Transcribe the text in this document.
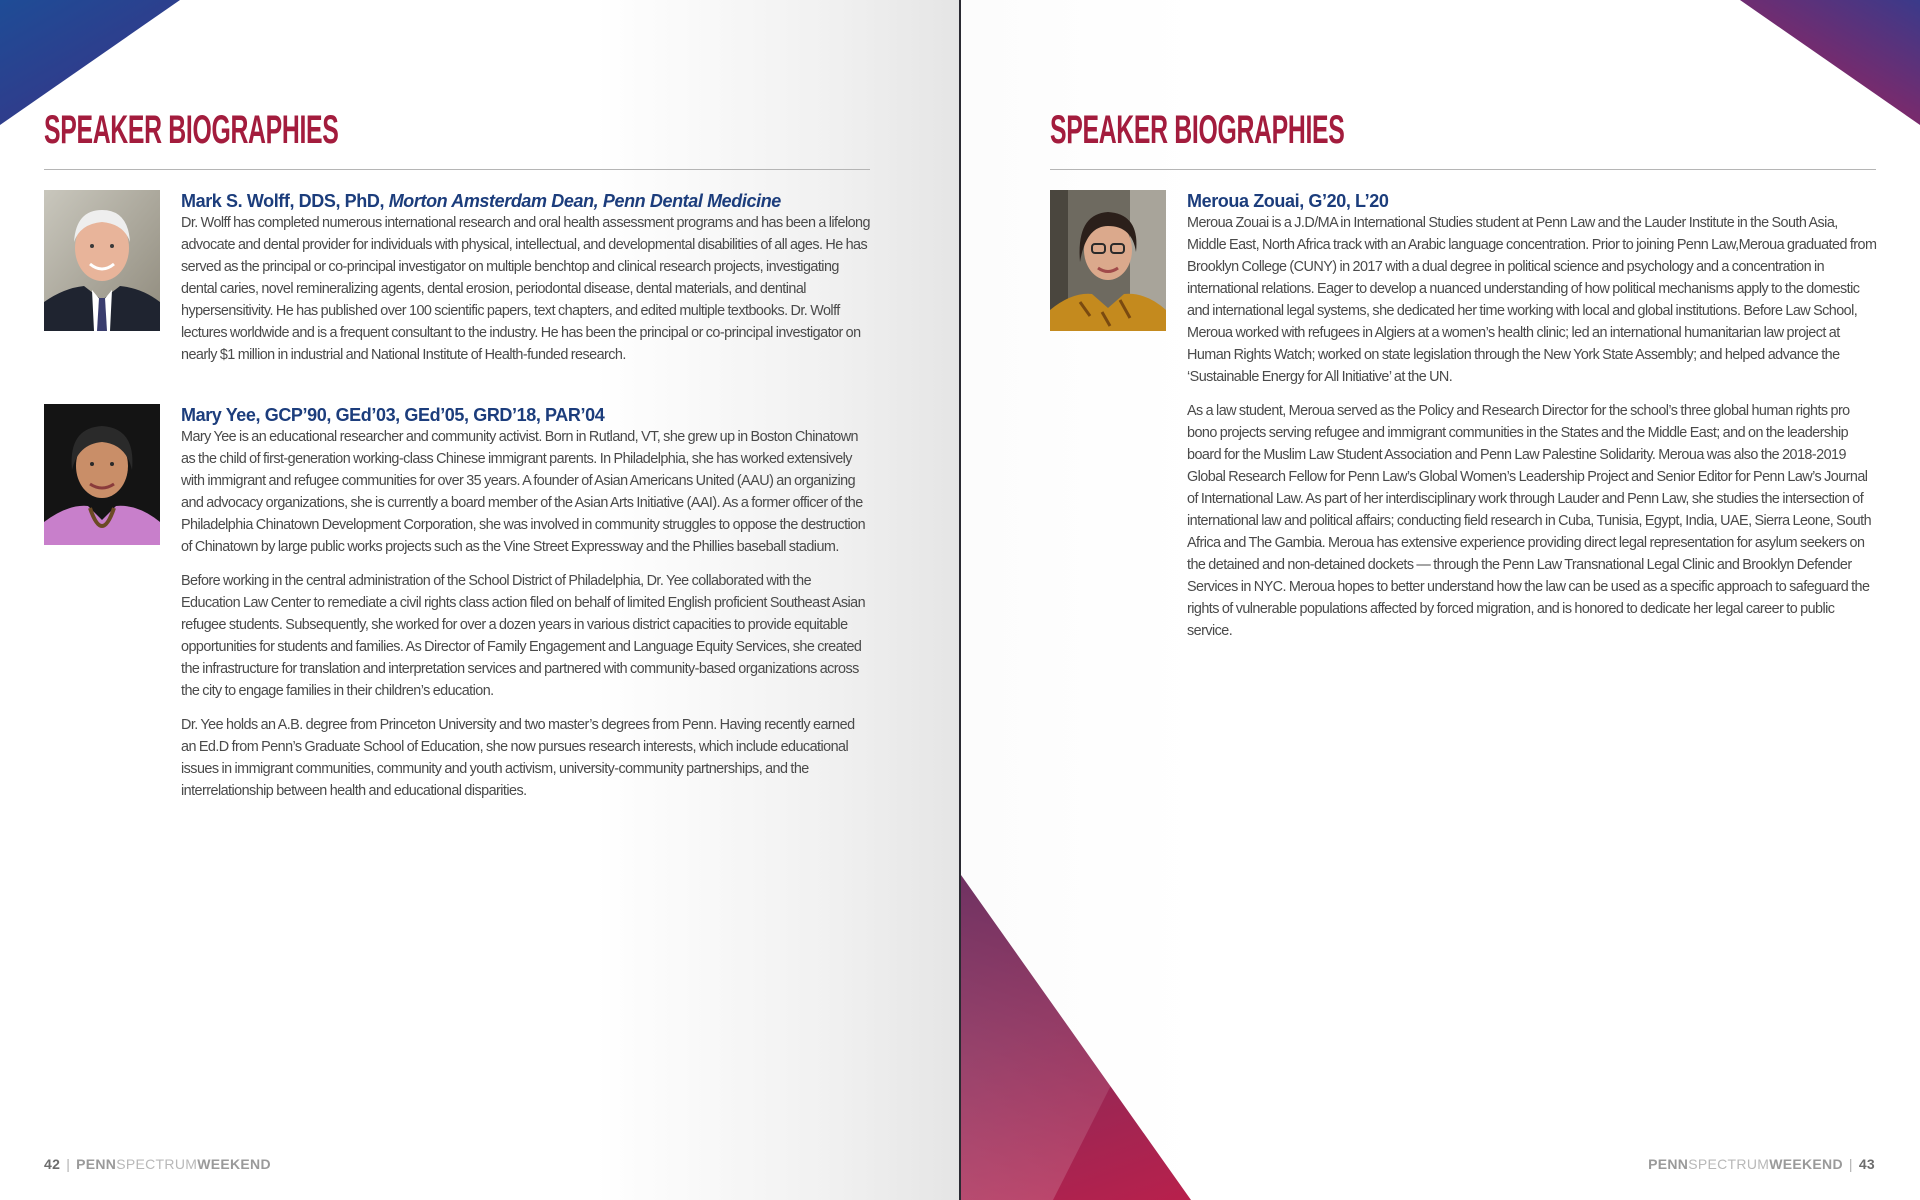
SPEAKER BIOGRAPHIES
Mark S. Wolff, DDS, PhD, Morton Amsterdam Dean, Penn Dental Medicine

Dr. Wolff has completed numerous international research and oral health assessment programs and has been a lifelong advocate and dental provider for individuals with physical, intellectual, and developmental disabilities of all ages. He has served as the principal or co-principal investigator on multiple benchtop and clinical research projects, investigating dental caries, novel remineralizing agents, dental erosion, periodontal disease, dental materials, and dentinal hypersensitivity. He has published over 100 scientific papers, text chapters, and edited multiple textbooks. Dr. Wolff lectures worldwide and is a frequent consultant to the industry. He has been the principal or co-principal investigator on nearly $1 million in industrial and National Institute of Health-funded research.

Mary Yee, GCP’90, GEd’03, GEd’05, GRD’18, PAR’04

Mary Yee is an educational researcher and community activist. Born in Rutland, VT, she grew up in Boston Chinatown as the child of first-generation working-class Chinese immigrant parents. In Philadelphia, she has worked extensively with immigrant and refugee communities for over 35 years. A founder of Asian Americans United (AAU) an organizing and advocacy organizations, she is currently a board member of the Asian Arts Initiative (AAI). As a former officer of the Philadelphia Chinatown Development Corporation, she was involved in community struggles to oppose the destruction of Chinatown by large public works projects such as the Vine Street Expressway and the Phillies baseball stadium.

Before working in the central administration of the School District of Philadelphia, Dr. Yee collaborated with the Education Law Center to remediate a civil rights class action filed on behalf of limited English proficient Southeast Asian refugee students. Subsequently, she worked for over a dozen years in various district capacities to provide equitable opportunities for students and families. As Director of Family Engagement and Language Equity Services, she created the infrastructure for translation and interpretation services and partnered with community-based organizations across the city to engage families in their children’s education.

Dr. Yee holds an A.B. degree from Princeton University and two master’s degrees from Penn. Having recently earned an Ed.D from Penn’s Graduate School of Education, she now pursues research interests, which include educational issues in immigrant communities, community and youth activism, university-community partnerships, and the interrelationship between health and educational disparities.

42 | PENNSPECTRUMWEEKEND
SPEAKER BIOGRAPHIES
Meroua Zouai, G’20, L’20

Meroua Zouai is a J.D/MA in International Studies student at Penn Law and the Lauder Institute in the South Asia, Middle East, North Africa track with an Arabic language concentration. Prior to joining Penn Law,Meroua graduated from Brooklyn College (CUNY) in 2017 with a dual degree in political science and psychology and a concentration in international relations. Eager to develop a nuanced understanding of how political mechanisms apply to the domestic and international legal systems, she dedicated her time working with local and global institutions. Before Law School, Meroua worked with refugees in Algiers at a women’s health clinic; led an international humanitarian law project at Human Rights Watch; worked on state legislation through the New York State Assembly; and helped advance the ‘Sustainable Energy for All Initiative’ at the UN.

As a law student, Meroua served as the Policy and Research Director for the school’s three global human rights pro bono projects serving refugee and immigrant communities in the States and the Middle East; and on the leadership board for the Muslim Law Student Association and Penn Law Palestine Solidarity. Meroua was also the 2018-2019 Global Research Fellow for Penn Law’s Global Women’s Leadership Project and Senior Editor for Penn Law’s Journal of International Law. As part of her interdisciplinary work through Lauder and Penn Law, she studies the intersection of international law and political affairs; conducting field research in Cuba, Tunisia, Egypt, India, UAE, Sierra Leone, South Africa and The Gambia. Meroua has extensive experience providing direct legal representation for asylum seekers on the detained and non-detained dockets — through the Penn Law Transnational Legal Clinic and Brooklyn Defender Services in NYC. Meroua hopes to better understand how the law can be used as a specific approach to safeguard the rights of vulnerable populations affected by forced migration, and is honored to dedicate her legal career to public service.

PENNSPECTRUMWEEKEND | 43
